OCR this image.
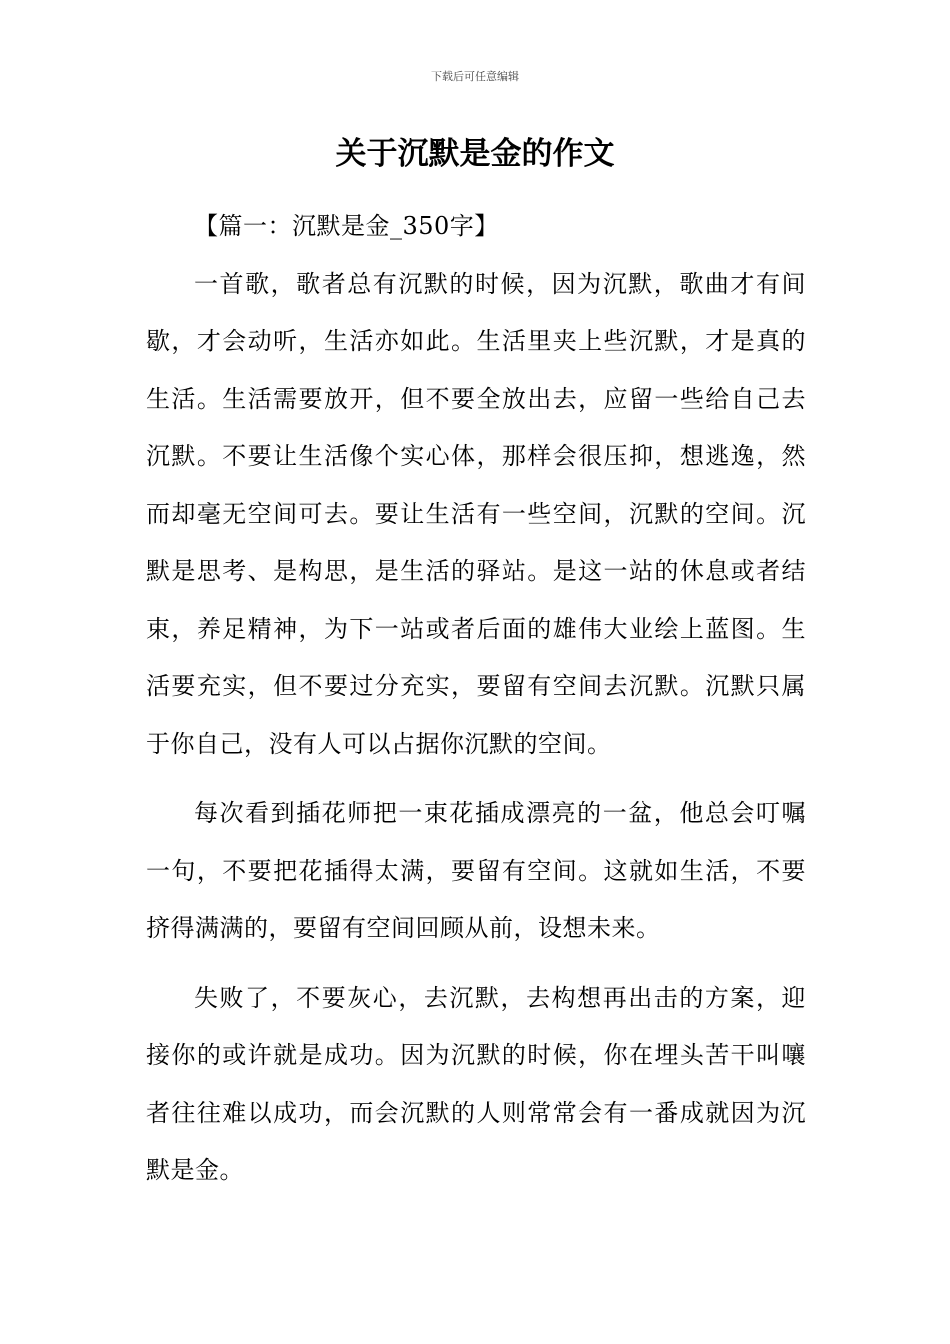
下载后可任意编辑
关于沉默是金的作文

【篇一：沉默是金_350字】

一首歌，歌者总有沉默的时候，因为沉默，歌曲才有间歇，才会动听，生活亦如此。生活里夹上些沉默，才是真的生活。生活需要放开，但不要全放出去，应留一些给自己去沉默。不要让生活像个实心体，那样会很压抑，想逃逸，然而却毫无空间可去。要让生活有一些空间，沉默的空间。沉默是思考、是构思，是生活的驿站。是这一站的休息或者结束，养足精神，为下一站或者后面的雄伟大业绘上蓝图。生活要充实，但不要过分充实，要留有空间去沉默。沉默只属于你自己，没有人可以占据你沉默的空间。

每次看到插花师把一束花插成漂亮的一盆，他总会叮嘱一句，不要把花插得太满，要留有空间。这就如生活，不要挤得满满的，要留有空间回顾从前，设想未来。

失败了，不要灰心，去沉默，去构想再出击的方案，迎接你的或许就是成功。因为沉默的时候，你在埋头苦干叫嚷者往往难以成功，而会沉默的人则常常会有一番成就因为沉默是金。
